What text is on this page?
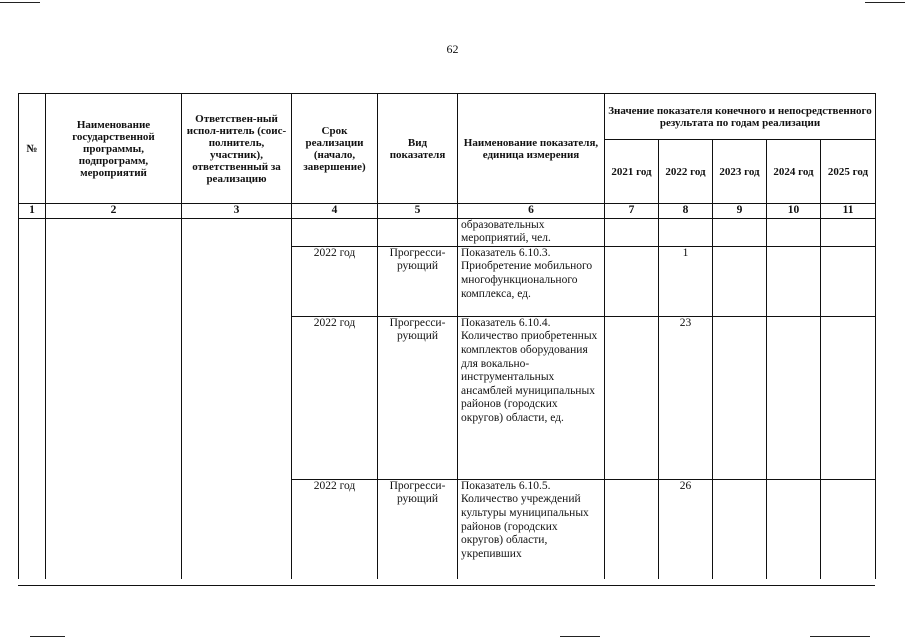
62
№	Наименование государственной программы, подпрограмм, мероприятий	Ответствен-ный испол-нитель (соис-полнитель, участник), ответственный за реализацию	Срок реализации (начало, завершение)	Вид показателя	Наименование показателя, единица измерения	Значение показателя конечного и непосредственного результата по годам реализации				
						2021 год	2022 год	2023 год	2024 год	2025 год
1	2	3	4	5	6	7	8	9	10	11
					образовательных мероприятий, чел.					
			2022 год	Прогресси-рующий	Показатель 6.10.3. Приобретение мобильного многофункционального комплекса, ед.		1			
			2022 год	Прогресси-рующий	Показатель 6.10.4. Количество приобретенных комплектов оборудования для вокально-инструментальных ансамблей муниципальных районов (городских округов) области, ед.		23			
			2022 год	Прогресси-рующий	Показатель 6.10.5. Количество учреждений культуры муниципальных районов (городских округов) области, укрепивших		26			
